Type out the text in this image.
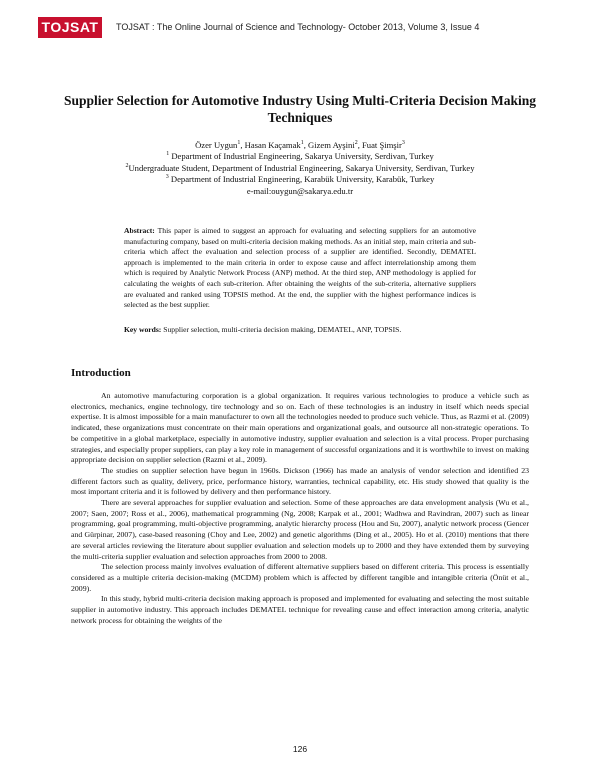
TOJSAT	TOJSAT : The Online Journal of Science and Technology- October 2013, Volume 3, Issue 4
Supplier Selection for Automotive Industry Using Multi-Criteria Decision Making Techniques
Özer Uygun$^1$, Hasan Kaçamak$^1$, Gizem Ayşini$^2$, Fuat Şimşir$^3$
$^1$ Department of Industrial Engineering, Sakarya University, Serdivan, Turkey
$^2$Undergraduate Student, Department of Industrial Engineering, Sakarya University, Serdivan, Turkey
$^3$ Department of Industrial Engineering, Karabük University, Karabük, Turkey
e-mail:ouygun@sakarya.edu.tr
Abstract: This paper is aimed to suggest an approach for evaluating and selecting suppliers for an automotive manufacturing company, based on multi-criteria decision making methods. As an initial step, main criteria and sub-criteria which affect the evaluation and selection process of a supplier are identified. Secondly, DEMATEL approach is implemented to the main criteria in order to expose cause and affect interrelationship among them which is required by Analytic Network Process (ANP) method. At the third step, ANP methodology is applied for calculating the weights of each sub-criterion. After obtaining the weights of the sub-criteria, alternative suppliers are evaluated and ranked using TOPSIS method. At the end, the supplier with the highest performance indices is selected as the best supplier.
Key words: Supplier selection, multi-criteria decision making, DEMATEL, ANP, TOPSIS.
Introduction

An automotive manufacturing corporation is a global organization. It requires various technologies to produce a vehicle such as electronics, mechanics, engine technology, tire technology and so on. Each of these technologies is an industry in itself which needs special expertise. It is almost impossible for a main manufacturer to own all the technologies needed to produce such vehicle. Thus, as Razmi et al. (2009) indicated, these organizations must concentrate on their main operations and organizational goals, and outsource all non-strategic operations. To be competitive in a global marketplace, especially in automotive industry, supplier evaluation and selection is a vital process. Proper purchasing strategies, and especially proper suppliers, can play a key role in management of successful organizations and it is worthwhile to invest on making appropriate decision on supplier selection (Razmi et al., 2009).

The studies on supplier selection have begun in 1960s. Dickson (1966) has made an analysis of vendor selection and identified 23 different factors such as quality, delivery, price, performance history, warranties, technical capability, etc. His study showed that quality is the most important criteria and it is followed by delivery and then performance history.

There are several approaches for supplier evaluation and selection. Some of these approaches are data envelopment analysis (Wu et al., 2007; Saen, 2007; Ross et al., 2006), mathematical programming (Ng, 2008; Karpak et al., 2001; Wadhwa and Ravindran, 2007) such as linear programming, goal programming, multi-objective programming, analytic hierarchy process (Hou and Su, 2007), analytic network process (Gencer and Gürpinar, 2007), case-based reasoning (Choy and Lee, 2002) and genetic algorithms (Ding et al., 2005). Ho et al. (2010) mentions that there are several articles reviewing the literature about supplier evaluation and selection models up to 2000 and they have extended them by surveying the multi-criteria supplier evaluation and selection approaches from 2000 to 2008.

The selection process mainly involves evaluation of different alternative suppliers based on different criteria. This process is essentially considered as a multiple criteria decision-making (MCDM) problem which is affected by different tangible and intangible criteria (Önüt et al., 2009).

In this study, hybrid multi-criteria decision making approach is proposed and implemented for evaluating and selecting the most suitable supplier in automotive industry. This approach includes DEMATEL technique for revealing cause and effect interaction among criteria, analytic network process for obtaining the weights of the

126
